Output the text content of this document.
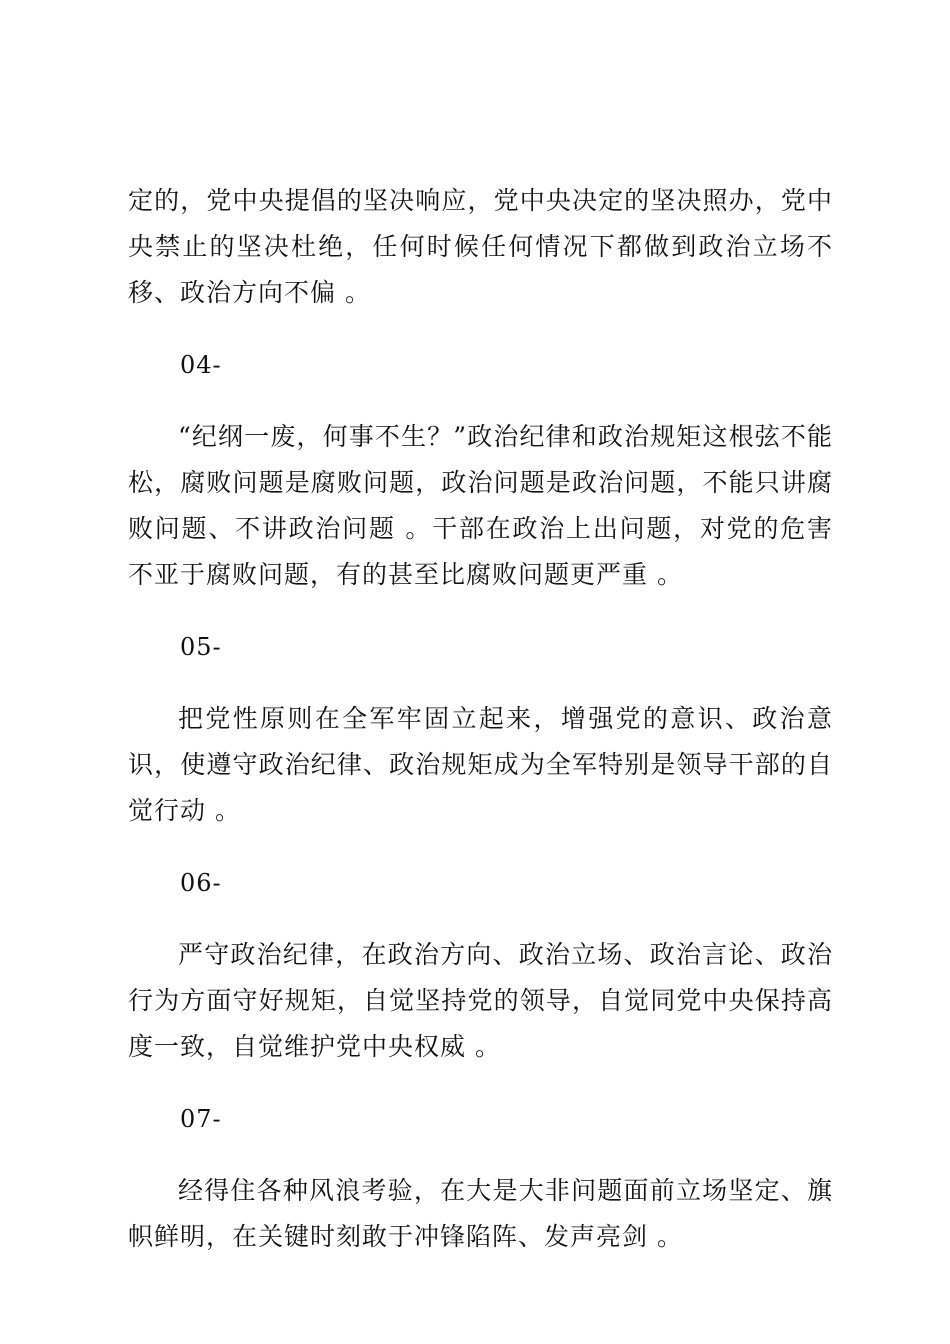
定的，党中央提倡的坚决响应，党中央决定的坚决照办，党中央禁止的坚决杜绝，任何时候任何情况下都做到政治立场不移、政治方向不偏 。

04-

“纪纲一废，何事不生？”政治纪律和政治规矩这根弦不能松，腐败问题是腐败问题，政治问题是政治问题，不能只讲腐败问题、不讲政治问题 。干部在政治上出问题，对党的危害不亚于腐败问题，有的甚至比腐败问题更严重 。

05-

把党性原则在全军牢固立起来，增强党的意识、政治意识，使遵守政治纪律、政治规矩成为全军特别是领导干部的自觉行动 。

06-

严守政治纪律，在政治方向、政治立场、政治言论、政治行为方面守好规矩，自觉坚持党的领导，自觉同党中央保持高度一致，自觉维护党中央权威 。

07-

经得住各种风浪考验，在大是大非问题面前立场坚定、旗帜鲜明，在关键时刻敢于冲锋陷阵、发声亮剑 。
